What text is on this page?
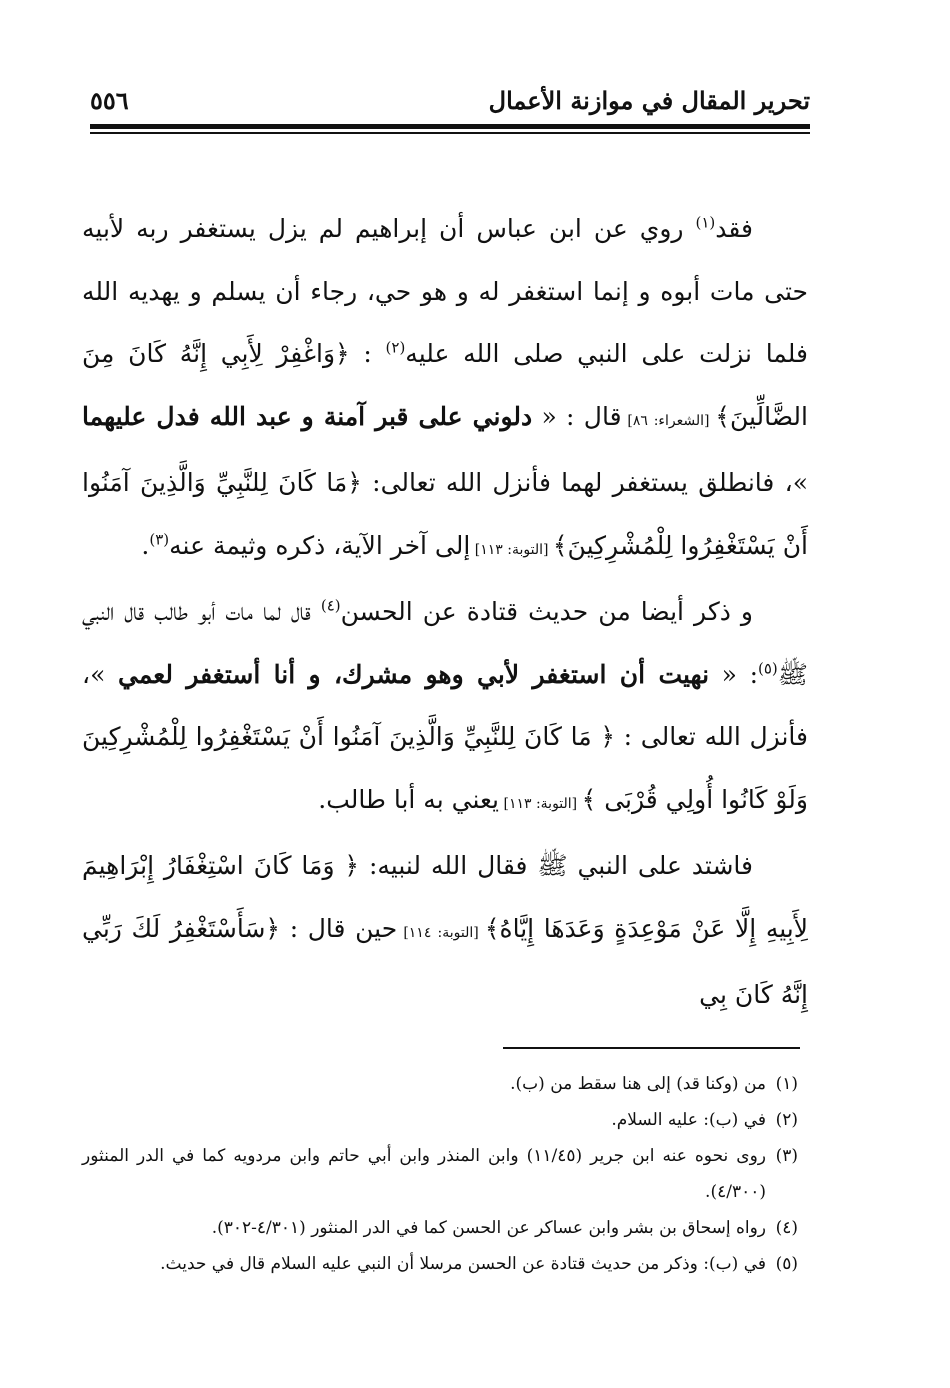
تحرير المقال في موازنة الأعمال
٥٥٦

فقد$^{(١)}$ روي عن ابن عباس أن إبراهيم لم يزل يستغفر ربه لأبيه حتى مات أبوه و إنما استغفر له و هو حي، رجاء أن يسلم و يهديه الله فلما نزلت على النبي صلى الله عليه$^{(٢)}$ : ﴿وَاغْفِرْ لِأَبِي إِنَّهُ كَانَ مِنَ الضَّالِّينَ﴾ [الشعراء: ٨٦] قال : « دلوني على قبر آمنة و عبد الله فدل عليهما »، فانطلق يستغفر لهما فأنزل الله تعالى: ﴿مَا كَانَ لِلنَّبِيِّ وَالَّذِينَ آمَنُوا أَنْ يَسْتَغْفِرُوا لِلْمُشْرِكِينَ﴾ [التوبة: ١١٣] إلى آخر الآية، ذكره وثيمة عنه$^{(٣)}$.

و ذكر أيضا من حديث قتادة عن الحسن$^{(٤)}$ قال لما مات أبو طالب قال النبي ﷺ$^{(٥)}$: « نهيت أن استغفر لأبي وهو مشرك، و أنا أستغفر لعمي »، فأنزل الله تعالى : ﴿ مَا كَانَ لِلنَّبِيِّ وَالَّذِينَ آمَنُوا أَنْ يَسْتَغْفِرُوا لِلْمُشْرِكِينَ وَلَوْ كَانُوا أُولِي قُرْبَى ﴾ [التوبة: ١١٣] يعني به أبا طالب.

فاشتد على النبي ﷺ فقال الله لنبيه: ﴿ وَمَا كَانَ اسْتِغْفَارُ إِبْرَاهِيمَ لِأَبِيهِ إِلَّا عَنْ مَوْعِدَةٍ وَعَدَهَا إِيَّاهُ﴾ [التوبة: ١١٤] حين قال : ﴿سَأَسْتَغْفِرُ لَكَ رَبِّي إِنَّهُ كَانَ بِي

(١)
من (وكنا قد) إلى هنا سقط من (ب).

(٢)
في (ب): عليه السلام.

(٣)
روى نحوه عنه ابن جرير (١١/٤٥) وابن المنذر وابن أبي حاتم وابن مردويه كما في الدر المنثور (٤/٣٠٠).

(٤)
رواه إسحاق بن بشر وابن عساكر عن الحسن كما في الدر المنثور (٤/٣٠١-٣٠٢).

(٥)
في (ب): وذكر من حديث قتادة عن الحسن مرسلا أن النبي عليه السلام قال في حديث.
